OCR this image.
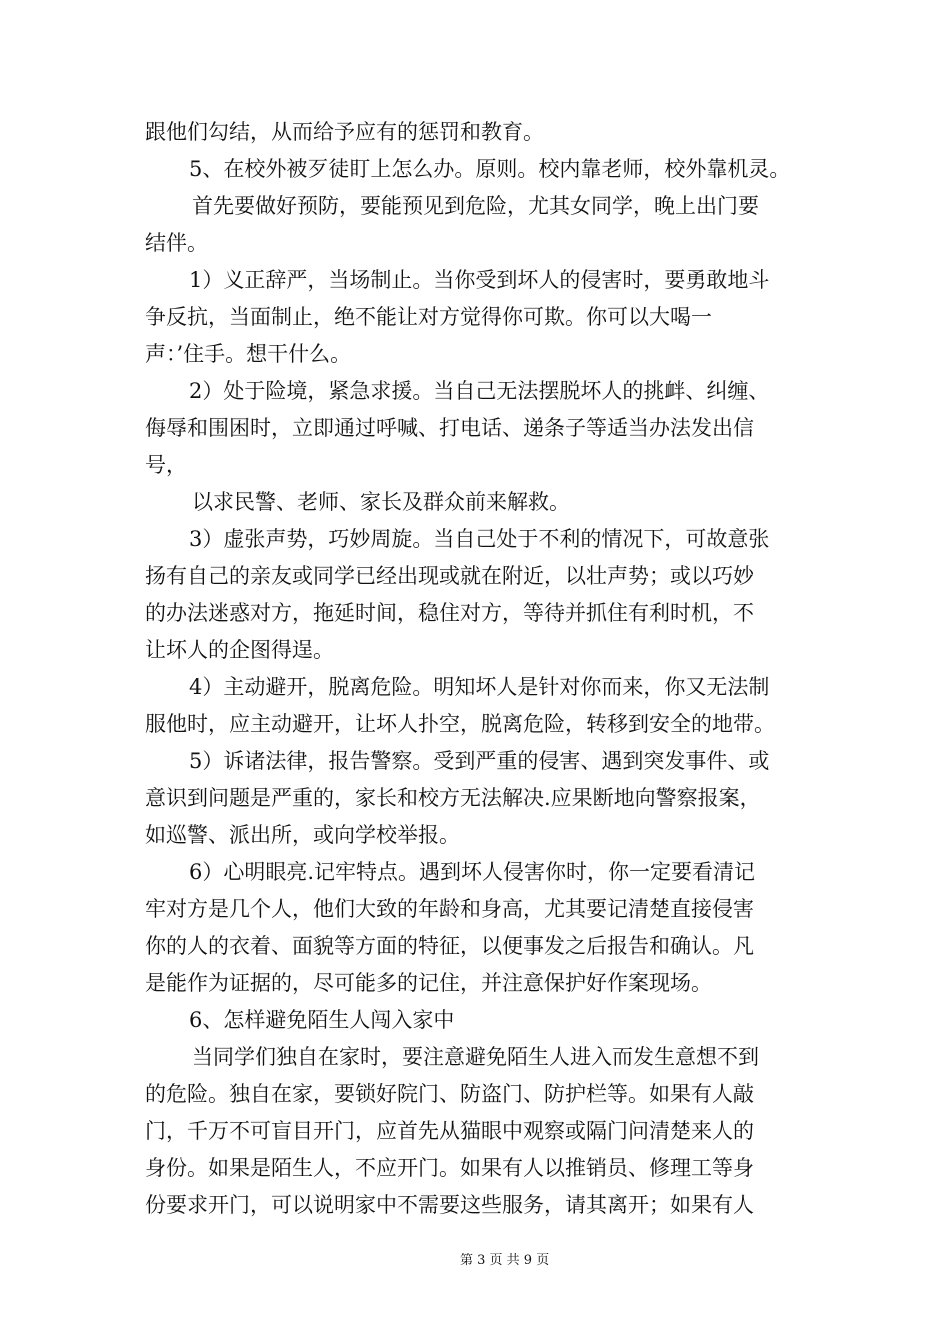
跟他们勾结，从而给予应有的惩罚和教育。
5、在校外被歹徒盯上怎么办。原则。校内靠老师，校外靠机灵。
首先要做好预防，要能预见到危险，尤其女同学，晚上出门要
结伴。
1）义正辞严，当场制止。当你受到坏人的侵害时，要勇敢地斗
争反抗，当面制止，绝不能让对方觉得你可欺。你可以大喝一
声：’住手。想干什么。
2）处于险境，紧急求援。当自己无法摆脱坏人的挑衅、纠缠、
侮辱和围困时，立即通过呼喊、打电话、递条子等适当办法发出信
号，
以求民警、老师、家长及群众前来解救。
3）虚张声势，巧妙周旋。当自己处于不利的情况下，可故意张
扬有自己的亲友或同学已经出现或就在附近，以壮声势；或以巧妙
的办法迷惑对方，拖延时间，稳住对方，等待并抓住有利时机，不
让坏人的企图得逞。
4）主动避开，脱离危险。明知坏人是针对你而来，你又无法制
服他时，应主动避开，让坏人扑空，脱离危险，转移到安全的地带。
5）诉诸法律，报告警察。受到严重的侵害、遇到突发事件、或
意识到问题是严重的，家长和校方无法解决.应果断地向警察报案，
如巡警、派出所，或向学校举报。
6）心明眼亮.记牢特点。遇到坏人侵害你时，你一定要看清记
牢对方是几个人，他们大致的年龄和身高，尤其要记清楚直接侵害
你的人的衣着、面貌等方面的特征，以便事发之后报告和确认。凡
是能作为证据的，尽可能多的记住，并注意保护好作案现场。
6、怎样避免陌生人闯入家中
当同学们独自在家时，要注意避免陌生人进入而发生意想不到
的危险。独自在家，要锁好院门、防盗门、防护栏等。如果有人敲
门，千万不可盲目开门，应首先从猫眼中观察或隔门问清楚来人的
身份。如果是陌生人，不应开门。如果有人以推销员、修理工等身
份要求开门，可以说明家中不需要这些服务，请其离开；如果有人
第 3 页 共 9 页
